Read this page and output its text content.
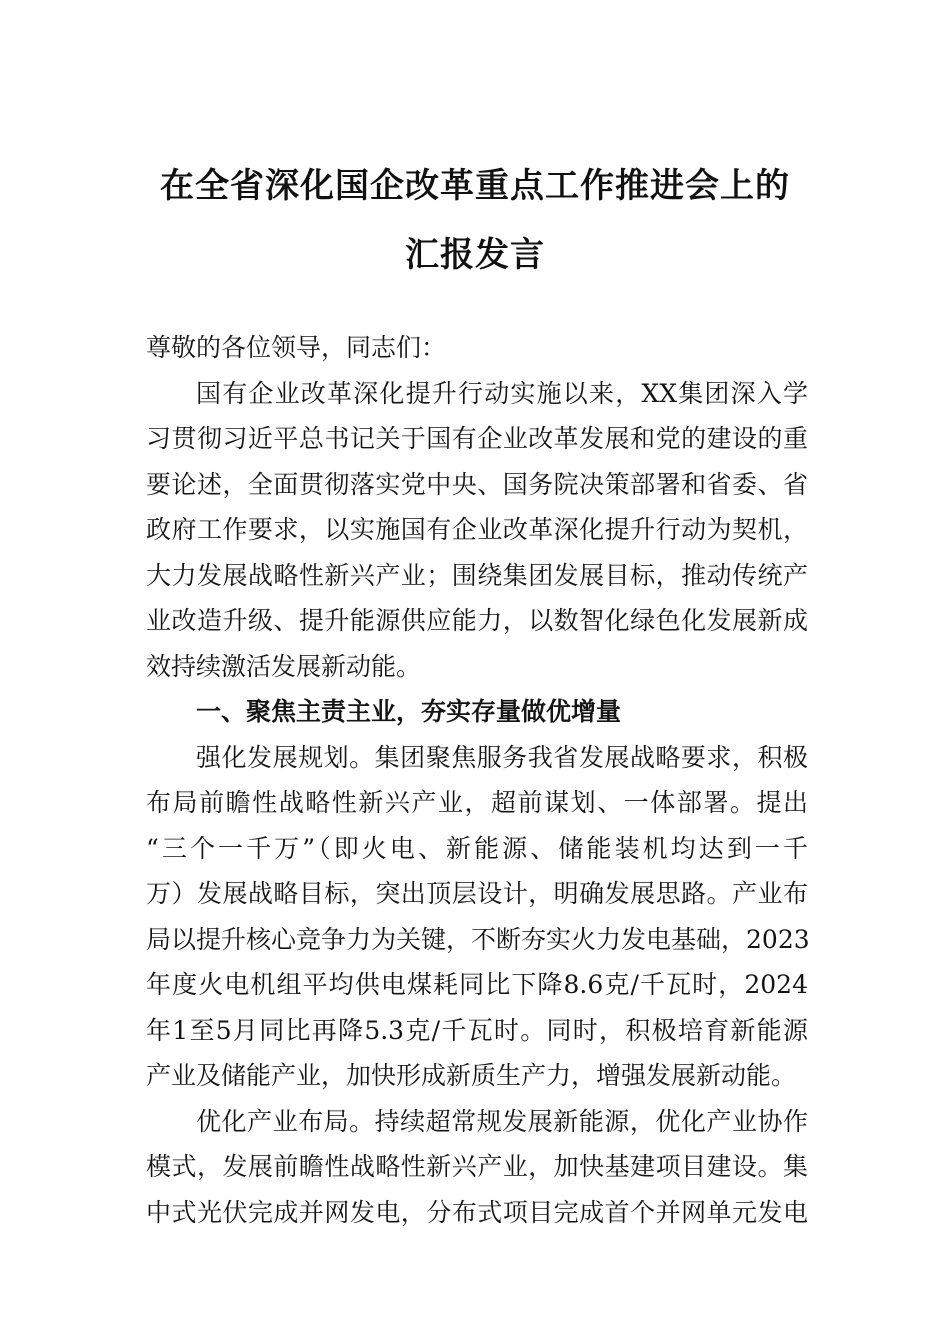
在全省深化国企改革重点工作推进会上的
汇报发言
尊敬的各位领导，同志们：
国有企业改革深化提升行动实施以来，XX集团深入学
习贯彻习近平总书记关于国有企业改革发展和党的建设的重
要论述，全面贯彻落实党中央、国务院决策部署和省委、省
政府工作要求，以实施国有企业改革深化提升行动为契机，
大力发展战略性新兴产业；围绕集团发展目标，推动传统产
业改造升级、提升能源供应能力，以数智化绿色化发展新成
效持续激活发展新动能。
一、聚焦主责主业，夯实存量做优增量
强化发展规划。集团聚焦服务我省发展战略要求，积极
布局前瞻性战略性新兴产业，超前谋划、一体部署。提出
“三个一千万”（即火电、新能源、储能装机均达到一千
万）发展战略目标，突出顶层设计，明确发展思路。产业布
局以提升核心竞争力为关键，不断夯实火力发电基础，2023
年度火电机组平均供电煤耗同比下降8.6克/千瓦时，2024
年1至5月同比再降5.3克/千瓦时。同时，积极培育新能源
产业及储能产业，加快形成新质生产力，增强发展新动能。
优化产业布局。持续超常规发展新能源，优化产业协作
模式，发展前瞻性战略性新兴产业，加快基建项目建设。集
中式光伏完成并网发电，分布式项目完成首个并网单元发电
